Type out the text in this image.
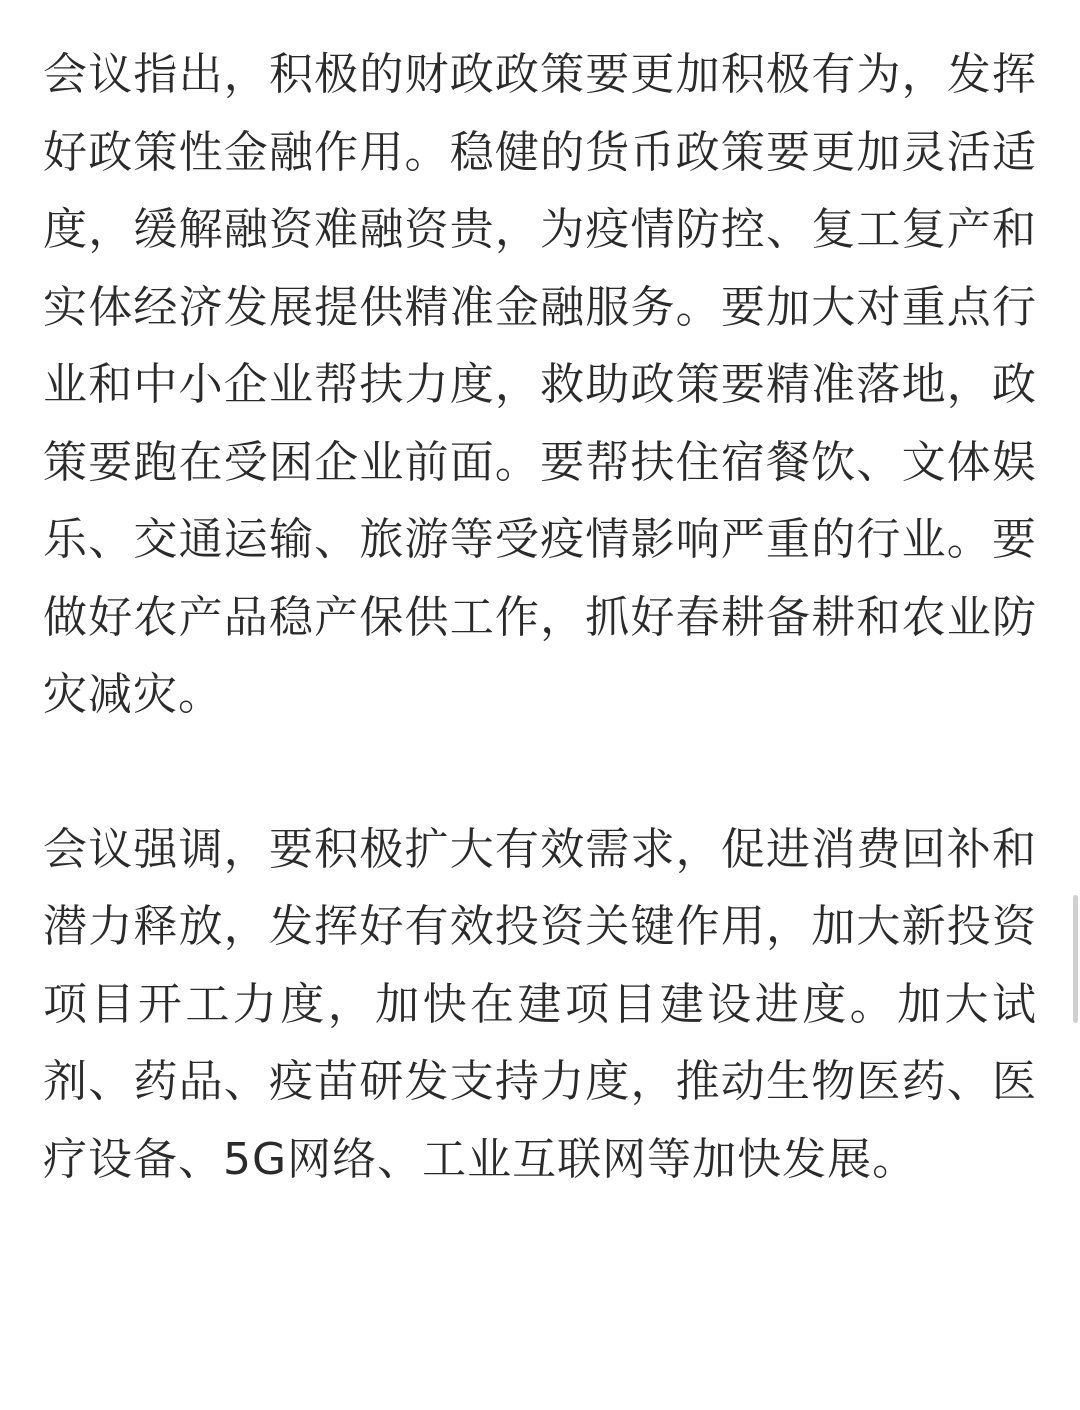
会议指出，积极的财政政策要更加积极有为，发挥好政策性金融作用。稳健的货币政策要更加灵活适度，缓解融资难融资贵，为疫情防控、复工复产和实体经济发展提供精准金融服务。要加大对重点行业和中小企业帮扶力度，救助政策要精准落地，政策要跑在受困企业前面。要帮扶住宿餐饮、文体娱乐、交通运输、旅游等受疫情影响严重的行业。要做好农产品稳产保供工作，抓好春耕备耕和农业防灾减灾。

会议强调，要积极扩大有效需求，促进消费回补和潜力释放，发挥好有效投资关键作用，加大新投资项目开工力度，加快在建项目建设进度。加大试剂、药品、疫苗研发支持力度，推动生物医药、医疗设备、5G网络、工业互联网等加快发展。
